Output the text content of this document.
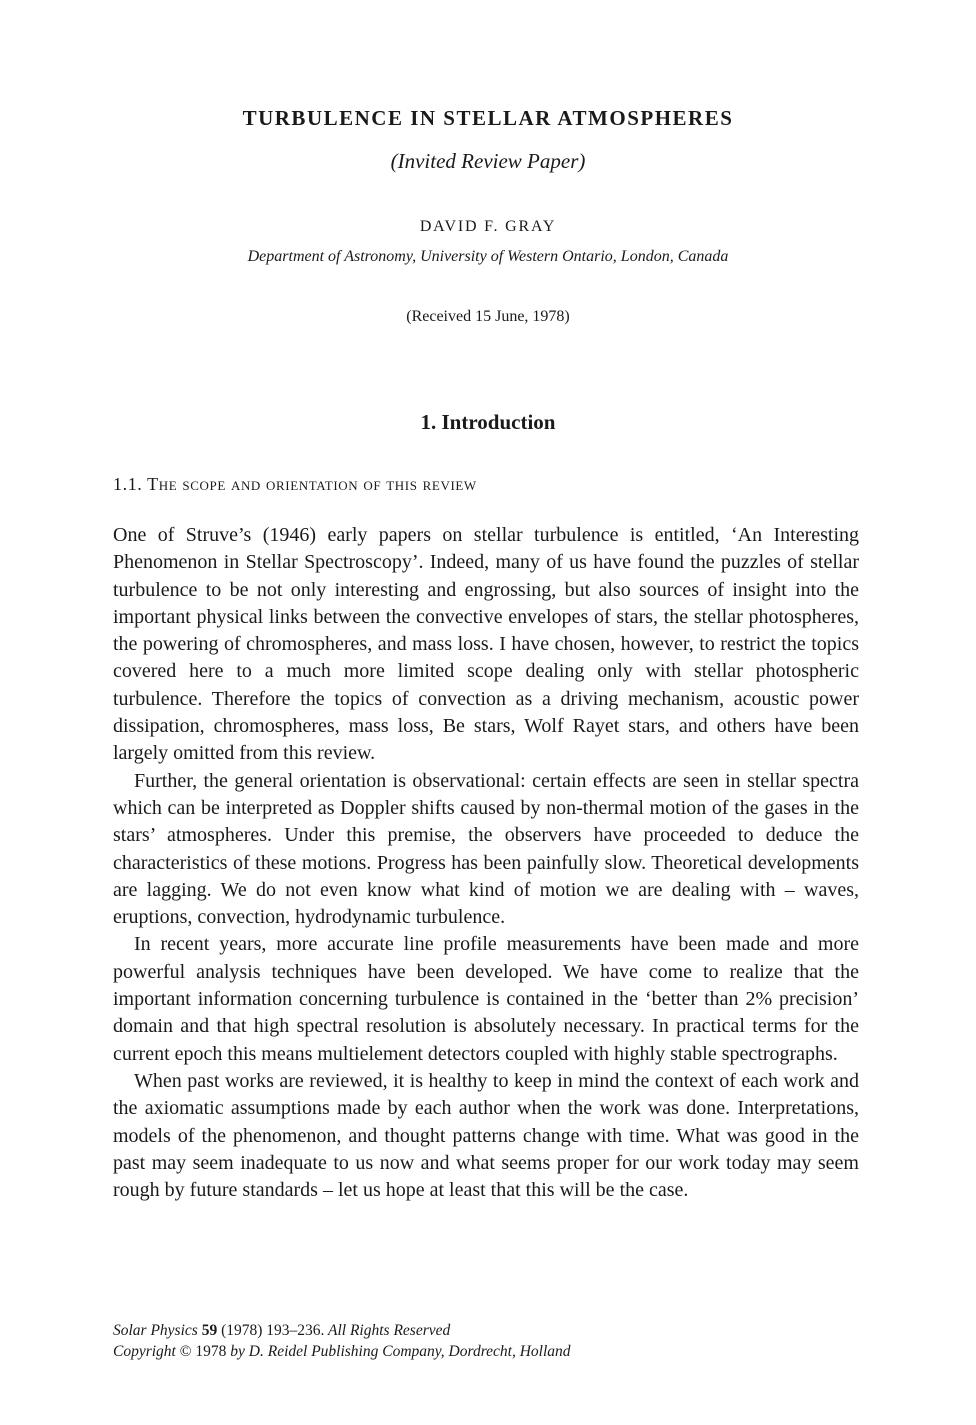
TURBULENCE IN STELLAR ATMOSPHERES
(Invited Review Paper)
DAVID F. GRAY
Department of Astronomy, University of Western Ontario, London, Canada
(Received 15 June, 1978)
1. Introduction
1.1. The scope and orientation of this review

One of Struve’s (1946) early papers on stellar turbulence is entitled, ‘An Interesting Phenomenon in Stellar Spectroscopy’. Indeed, many of us have found the puzzles of stellar turbulence to be not only interesting and engrossing, but also sources of insight into the important physical links between the convective envelopes of stars, the stellar photospheres, the powering of chromospheres, and mass loss. I have chosen, however, to restrict the topics covered here to a much more limited scope dealing only with stellar photospheric turbulence. Therefore the topics of convection as a driving mechanism, acoustic power dissipation, chromospheres, mass loss, Be stars, Wolf Rayet stars, and others have been largely omitted from this review.

Further, the general orientation is observational: certain effects are seen in stellar spectra which can be interpreted as Doppler shifts caused by non-thermal motion of the gases in the stars’ atmospheres. Under this premise, the observers have proceeded to deduce the characteristics of these motions. Progress has been painfully slow. Theoretical developments are lagging. We do not even know what kind of motion we are dealing with – waves, eruptions, convection, hydrodynamic turbulence.

In recent years, more accurate line profile measurements have been made and more powerful analysis techniques have been developed. We have come to realize that the important information concerning turbulence is contained in the ‘better than 2% precision’ domain and that high spectral resolution is absolutely necessary. In practical terms for the current epoch this means multielement detectors coupled with highly stable spectrographs.

When past works are reviewed, it is healthy to keep in mind the context of each work and the axiomatic assumptions made by each author when the work was done. Interpretations, models of the phenomenon, and thought patterns change with time. What was good in the past may seem inadequate to us now and what seems proper for our work today may seem rough by future standards – let us hope at least that this will be the case.

Solar Physics 59 (1978) 193–236. All Rights Reserved
Copyright © 1978 by D. Reidel Publishing Company, Dordrecht, Holland
